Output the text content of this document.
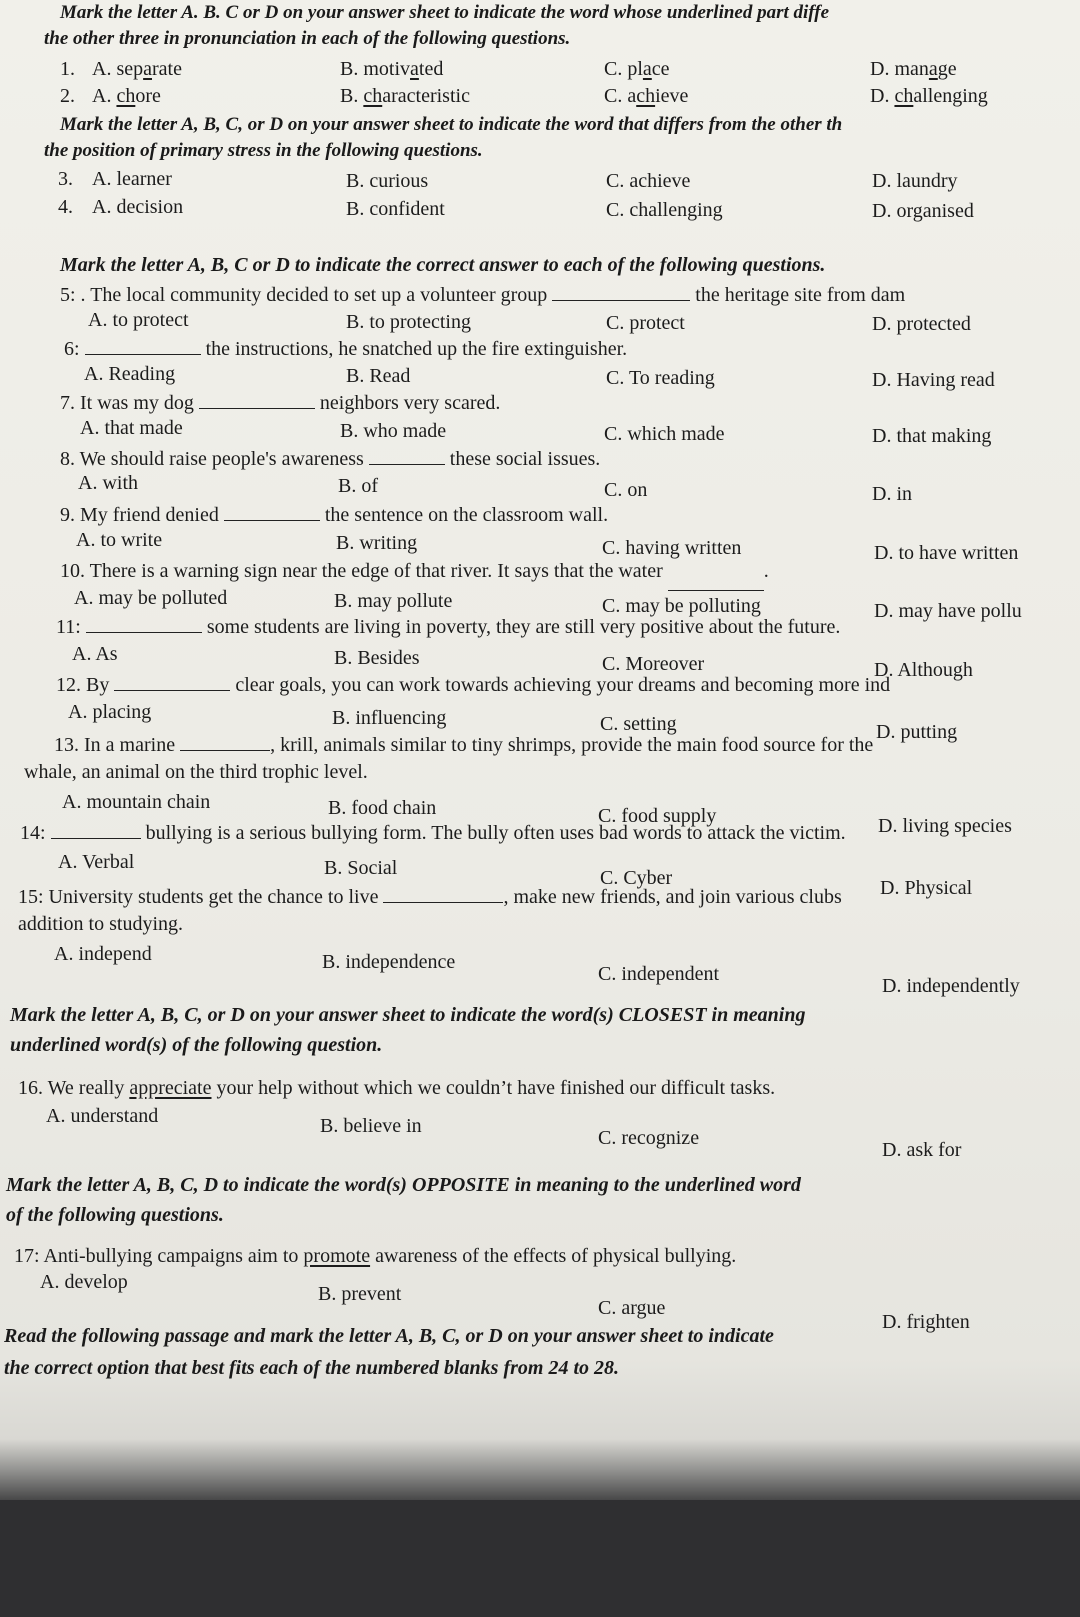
Mark the letter A. B. C or D on your answer sheet to indicate the word whose underlined part diffe
the other three in pronunciation in each of the following questions.
1. A. separate	B. motivated	C. place	D. manage
2. A. chore	B. characteristic	C. achieve	D. challenging
Mark the letter A, B, C, or D on your answer sheet to indicate the word that differs from the other th
the position of primary stress in the following questions.
3. A. learner	B. curious	C. achieve	D. laundry
4. A. decision	B. confident	C. challenging	D. organised
Mark the letter A, B, C or D to indicate the correct answer to each of the following questions.
5: . The local community decided to set up a volunteer group	the heritage site from dam
A. to protect	B. to protecting	C. protect	D. protected
6:	the instructions, he snatched up the fire extinguisher.
A. Reading	B. Read	C. To reading	D. Having read
7. It was my dog	neighbors very scared.
A. that made	B. who made	C. which made	D. that making
8. We should raise people's awareness	these social issues.
A. with	B. of	C. on	D. in
9. My friend denied	the sentence on the classroom wall.
A. to write	B. writing	C. having written	D. to have written
10. There is a warning sign near the edge of that river. It says that the water	.
A. may be polluted	B. may pollute	C. may be polluting	D. may have pollu
11:	some students are living in poverty, they are still very positive about the future.
A. As	B. Besides	C. Moreover	D. Although
12. By	clear goals, you can work towards achieving your dreams and becoming more ind
A. placing	B. influencing	C. setting	D. putting
13. In a marine	, krill, animals similar to tiny shrimps, provide the main food source for the
whale, an animal on the third trophic level.
A. mountain chain	B. food chain	C. food supply	D. living species
14:	bullying is a serious bullying form. The bully often uses bad words to attack the victim.
A. Verbal	B. Social	C. Cyber	D. Physical
15: University students get the chance to live	, make new friends, and join various clubs
addition to studying.
A. independ	B. independence
C. independent
D. independently
Mark the letter A, B, C, or D on your answer sheet to indicate the word(s) CLOSEST in meaning
underlined word(s) of the following question.
16. We really appreciate your help without which we couldn’t have finished our difficult tasks.
A. understand	B. believe in
C. recognize
D. ask for
Mark the letter A, B, C, D to indicate the word(s) OPPOSITE in meaning to the underlined word
of the following questions.
17: Anti-bullying campaigns aim to promote awareness of the effects of physical bullying.
A. develop
B. prevent
C. argue
D. frighten
Read the following passage and mark the letter A, B, C, or D on your answer sheet to indicate
the correct option that best fits each of the numbered blanks from 24 to 28.
